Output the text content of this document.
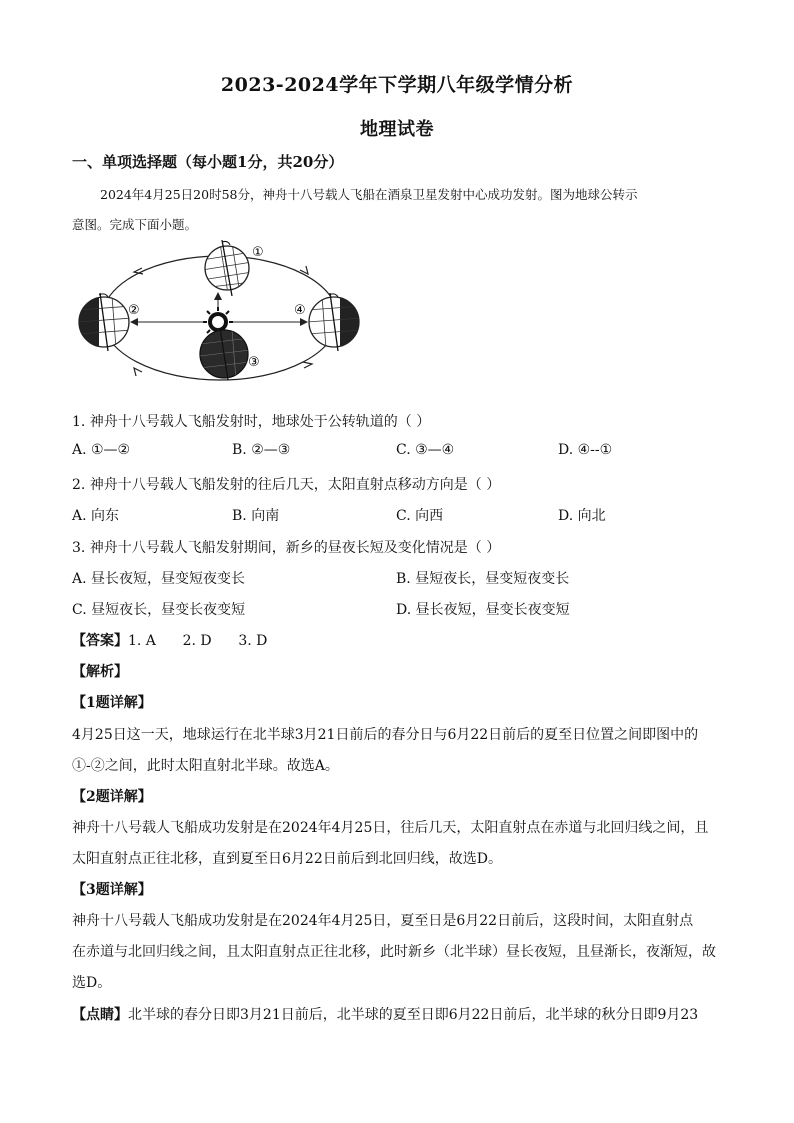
2023-2024学年下学期八年级学情分析
地理试卷
一、单项选择题（每小题1分，共20分）
2024年4月25日20时58分，神舟十八号载人飞船在酒泉卫星发射中心成功发射。图为地球公转示
意图。完成下面小题。
①
②	④
③
1. 神舟十八号载人飞船发射时，地球处于公转轨道的（ ）
A. ①—②	B. ②—③	C. ③—④	D. ④--①
2. 神舟十八号载人飞船发射的往后几天，太阳直射点移动方向是（ ）
A. 向东	B. 向南	C. 向西	D. 向北
3. 神舟十八号载人飞船发射期间，新乡的昼夜长短及变化情况是（ ）
A. 昼长夜短，昼变短夜变长	B. 昼短夜长，昼变短夜变长
C. 昼短夜长，昼变长夜变短	D. 昼长夜短，昼变长夜变短
【答案】1. A      2. D      3. D
【解析】
【1题详解】
4月25日这一天，地球运行在北半球3月21日前后的春分日与6月22日前后的夏至日位置之间即图中的
①-②之间，此时太阳直射北半球。故选A。
【2题详解】
神舟十八号载人飞船成功发射是在2024年4月25日，往后几天，太阳直射点在赤道与北回归线之间，且
太阳直射点正往北移，直到夏至日6月22日前后到北回归线，故选D。
【3题详解】
神舟十八号载人飞船成功发射是在2024年4月25日，夏至日是6月22日前后，这段时间，太阳直射点
在赤道与北回归线之间，且太阳直射点正往北移，此时新乡（北半球）昼长夜短，且昼渐长，夜渐短，故
选D。
【点睛】北半球的春分日即3月21日前后，北半球的夏至日即6月22日前后，北半球的秋分日即9月23
